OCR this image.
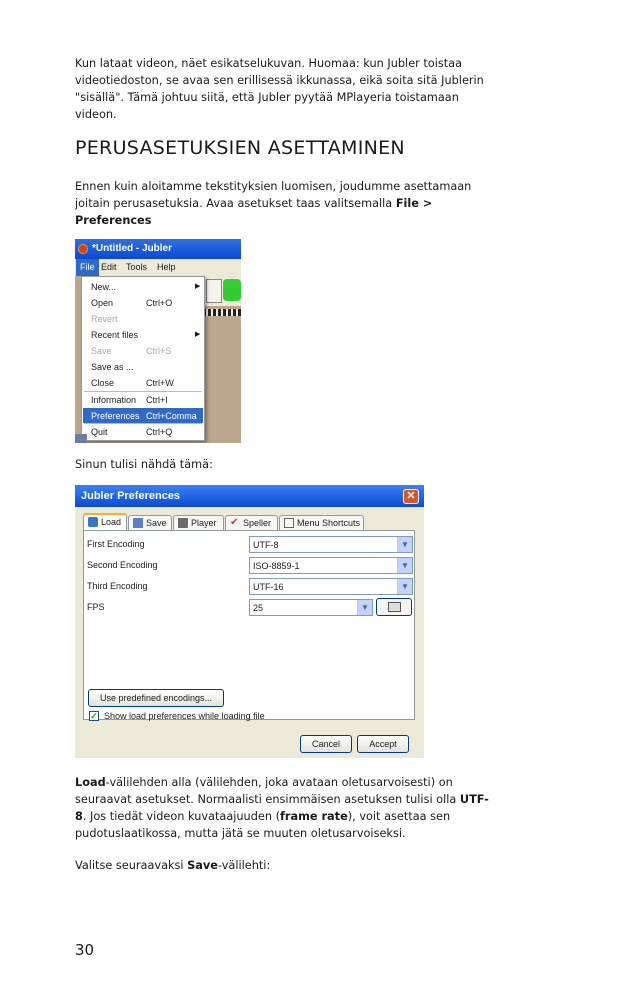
Kun lataat videon, näet esikatselukuvan. Huomaa: kun Jubler toistaa videotiedoston, se avaa sen erillisessä ikkunassa, eikä soita sitä Jublerin "sisällä". Tämä johtuu siitä, että Jubler pyytää MPlayeria toistamaan videon.
PERUSASETUKSIEN ASETTAMINEN
Ennen kuin aloitamme tekstityksien luomisen, joudumme asettamaan joitain perusasetuksia. Avaa asetukset taas valitsemalla File > Preferences
*Untitled - Jubler
File Edit Tools Help
New...	▶
Open	Ctrl+O
Revert
Recent files	▶
Save	Ctrl+S
Save as ...
Close	Ctrl+W
Information Ctrl+I
Preferences Ctrl+Comma
Quit	Ctrl+Q
Sinun tulisi nähdä tämä:
Jubler Preferences	✕
Load	Save	Player ✔ Speller	Menu Shortcuts
First Encoding	UTF-8	▼
Second Encoding	ISO-8859-1	▼
Third Encoding	UTF-16	▼
FPS	25	▼
Use predefined encodings...
✓ Show load preferences while loading file
Cancel	Accept
Load-välilehden alla (välilehden, joka avataan oletusarvoisesti) on seuraavat asetukset. Normaalisti ensimmäisen asetuksen tulisi olla UTF-8. Jos tiedät videon kuvataajuuden (frame rate), voit asettaa sen pudotuslaatikossa, mutta jätä se muuten oletusarvoiseksi.
Valitse seuraavaksi Save-välilehti:
30
